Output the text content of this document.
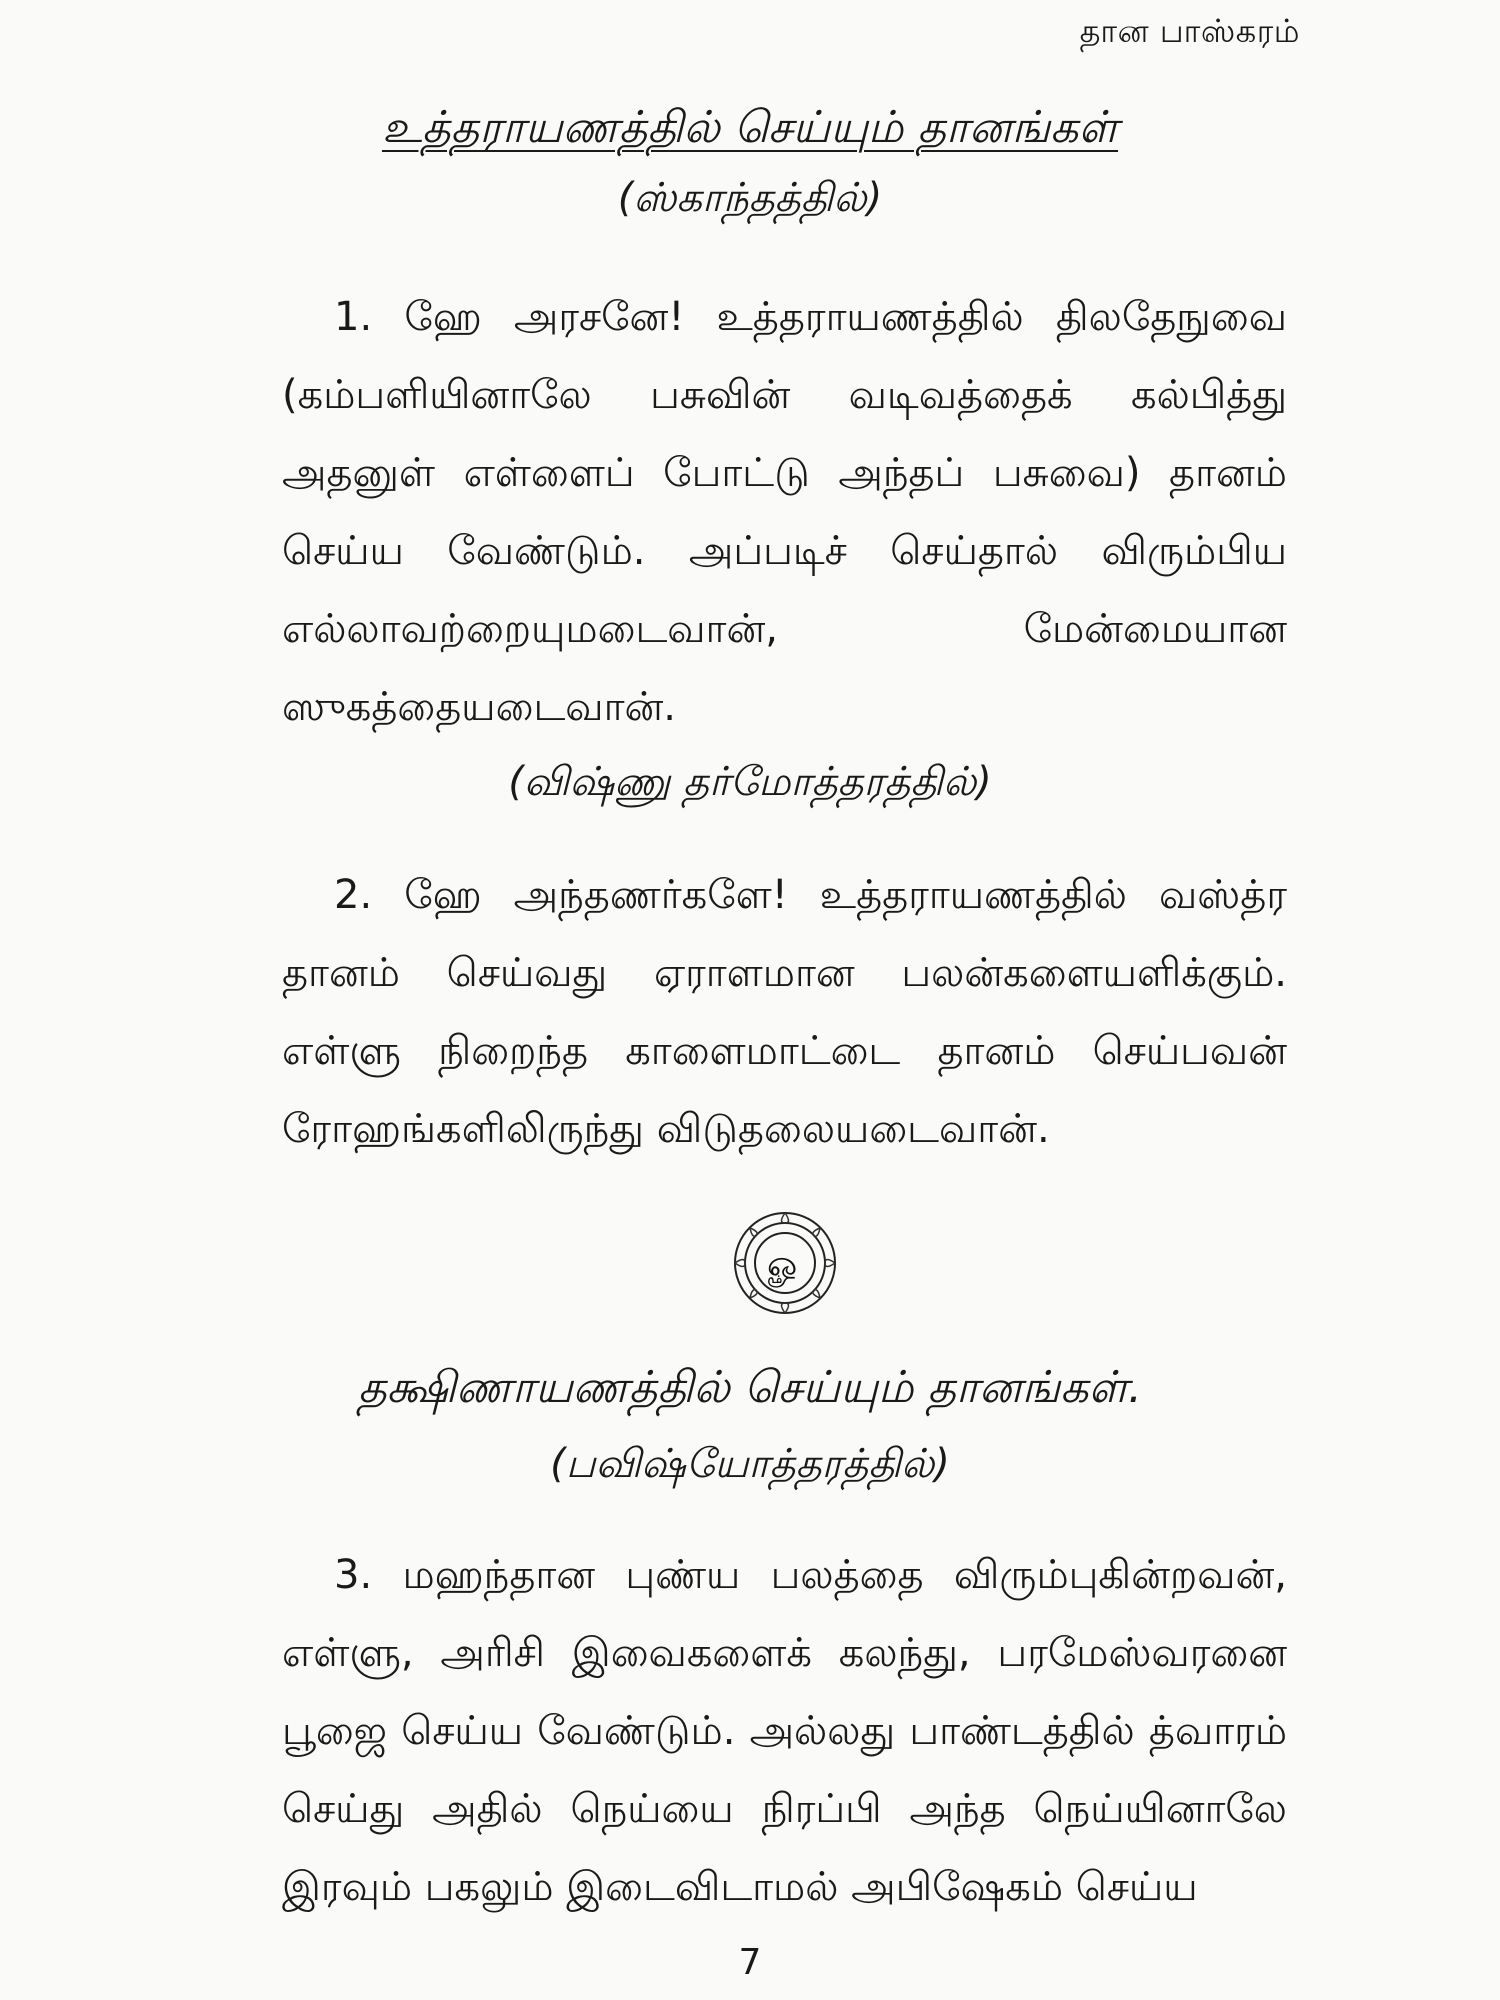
தான பாஸ்கரம்
உத்தராயணத்தில் செய்யும் தானங்கள்
(ஸ்காந்தத்தில்)
1. ஹே அரசனே! உத்தராயணத்தில் திலதேநுவை (கம்பளியினாலே பசுவின் வடிவத்தைக் கல்பித்து அதனுள் எள்ளைப் போட்டு அந்தப் பசுவை) தானம் செய்ய வேண்டும். அப்படிச் செய்தால் விரும்பிய எல்லாவற்றையுமடைவான், மேன்மையான ஸுகத்தையடைவான்.
(விஷ்ணு தர்மோத்தரத்தில்)
2. ஹே அந்தணர்களே! உத்தராயணத்தில் வஸ்த்ர தானம் செய்வது ஏராளமான பலன்களையளிக்கும். எள்ளு நிறைந்த காளைமாட்டை தானம் செய்பவன் ரோஹங்களிலிருந்து விடுதலையடைவான்.
ௐ
தக்ஷிணாயணத்தில் செய்யும் தானங்கள்.
(பவிஷ்யோத்தரத்தில்)
3. மஹந்தான புண்ய பலத்தை விரும்புகின்றவன், எள்ளு, அரிசி இவைகளைக் கலந்து, பரமேஸ்வரனை பூஜை செய்ய வேண்டும். அல்லது பாண்டத்தில் த்வாரம் செய்து அதில் நெய்யை நிரப்பி அந்த நெய்யினாலே இரவும் பகலும் இடைவிடாமல் அபிஷேகம் செய்ய
7
